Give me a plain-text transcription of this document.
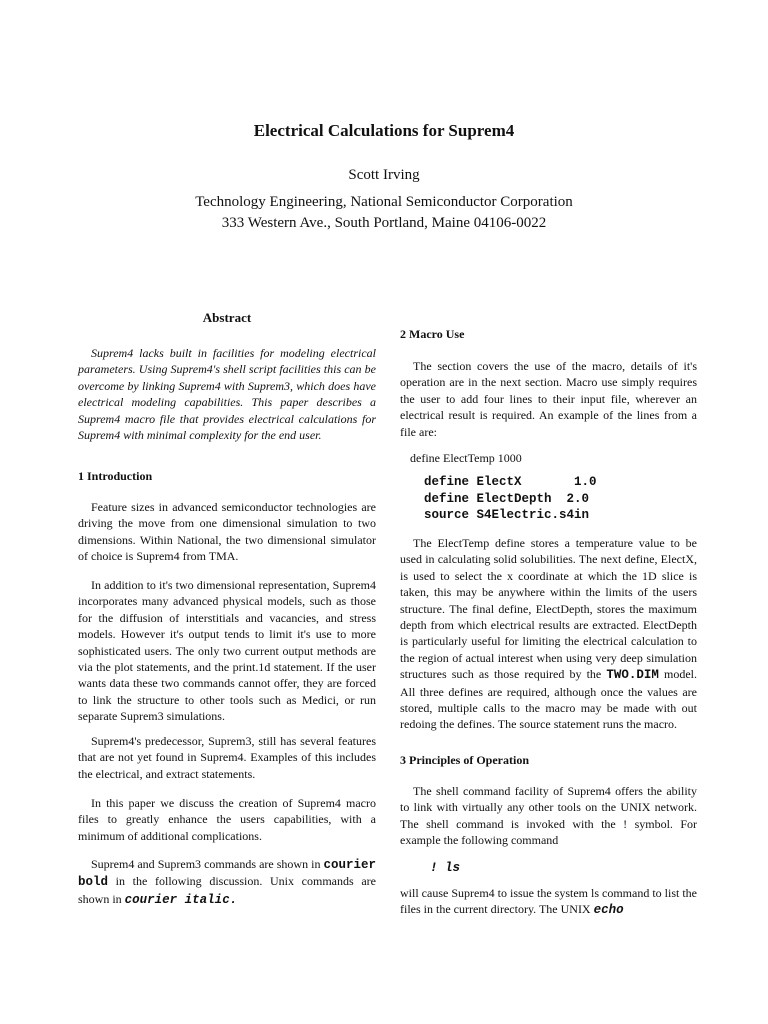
Electrical Calculations for Suprem4
Scott Irving
Technology Engineering, National Semiconductor Corporation
333 Western Ave., South Portland, Maine 04106-0022
Abstract

Suprem4 lacks built in facilities for modeling electrical parameters. Using Suprem4's shell script facilities this can be overcome by linking Suprem4 with Suprem3, which does have electrical modeling capabilities. This paper describes a Suprem4 macro file that provides electrical calculations for Suprem4 with minimal complexity for the end user.

1 Introduction

Feature sizes in advanced semiconductor technologies are driving the move from one dimensional simulation to two dimensions. Within National, the two dimensional simulator of choice is Suprem4 from TMA.

In addition to it's two dimensional representation, Suprem4 incorporates many advanced physical models, such as those for the diffusion of interstitials and vacancies, and stress models. However it's output tends to limit it's use to more sophisticated users. The only two current output methods are via the plot statements, and the print.1d statement. If the user wants data these two commands cannot offer, they are forced to link the structure to other tools such as Medici, or run separate Suprem3 simulations.

Suprem4's predecessor, Suprem3, still has several features that are not yet found in Suprem4. Examples of this includes the electrical, and extract statements.

In this paper we discuss the creation of Suprem4 macro files to greatly enhance the users capabilities, with a minimum of additional complications.

Suprem4 and Suprem3 commands are shown in courier bold in the following discussion. Unix commands are shown in courier italic.

2 Macro Use

The section covers the use of the macro, details of it's operation are in the next section. Macro use simply requires the user to add four lines to their input file, wherever an electrical result is required. An example of the lines from a file are:

define ElectTemp 1000
define ElectX       1.0
define ElectDepth  2.0
source S4Electric.s4in

The ElectTemp define stores a temperature value to be used in calculating solid solubilities. The next define, ElectX, is used to select the x coordinate at which the 1D slice is taken, this may be anywhere within the limits of the users structure. The final define, ElectDepth, stores the maximum depth from which electrical results are extracted. ElectDepth is particularly useful for limiting the electrical calculation to the region of actual interest when using very deep simulation structures such as those required by the TWO.DIM model. All three defines are required, although once the values are stored, multiple calls to the macro may be made with out redoing the defines. The source statement runs the macro.

3 Principles of Operation

The shell command facility of Suprem4 offers the ability to link with virtually any other tools on the UNIX network. The shell command is invoked with the ! symbol. For example the following command

! ls

will cause Suprem4 to issue the system ls command to list the files in the current directory. The UNIX echo
